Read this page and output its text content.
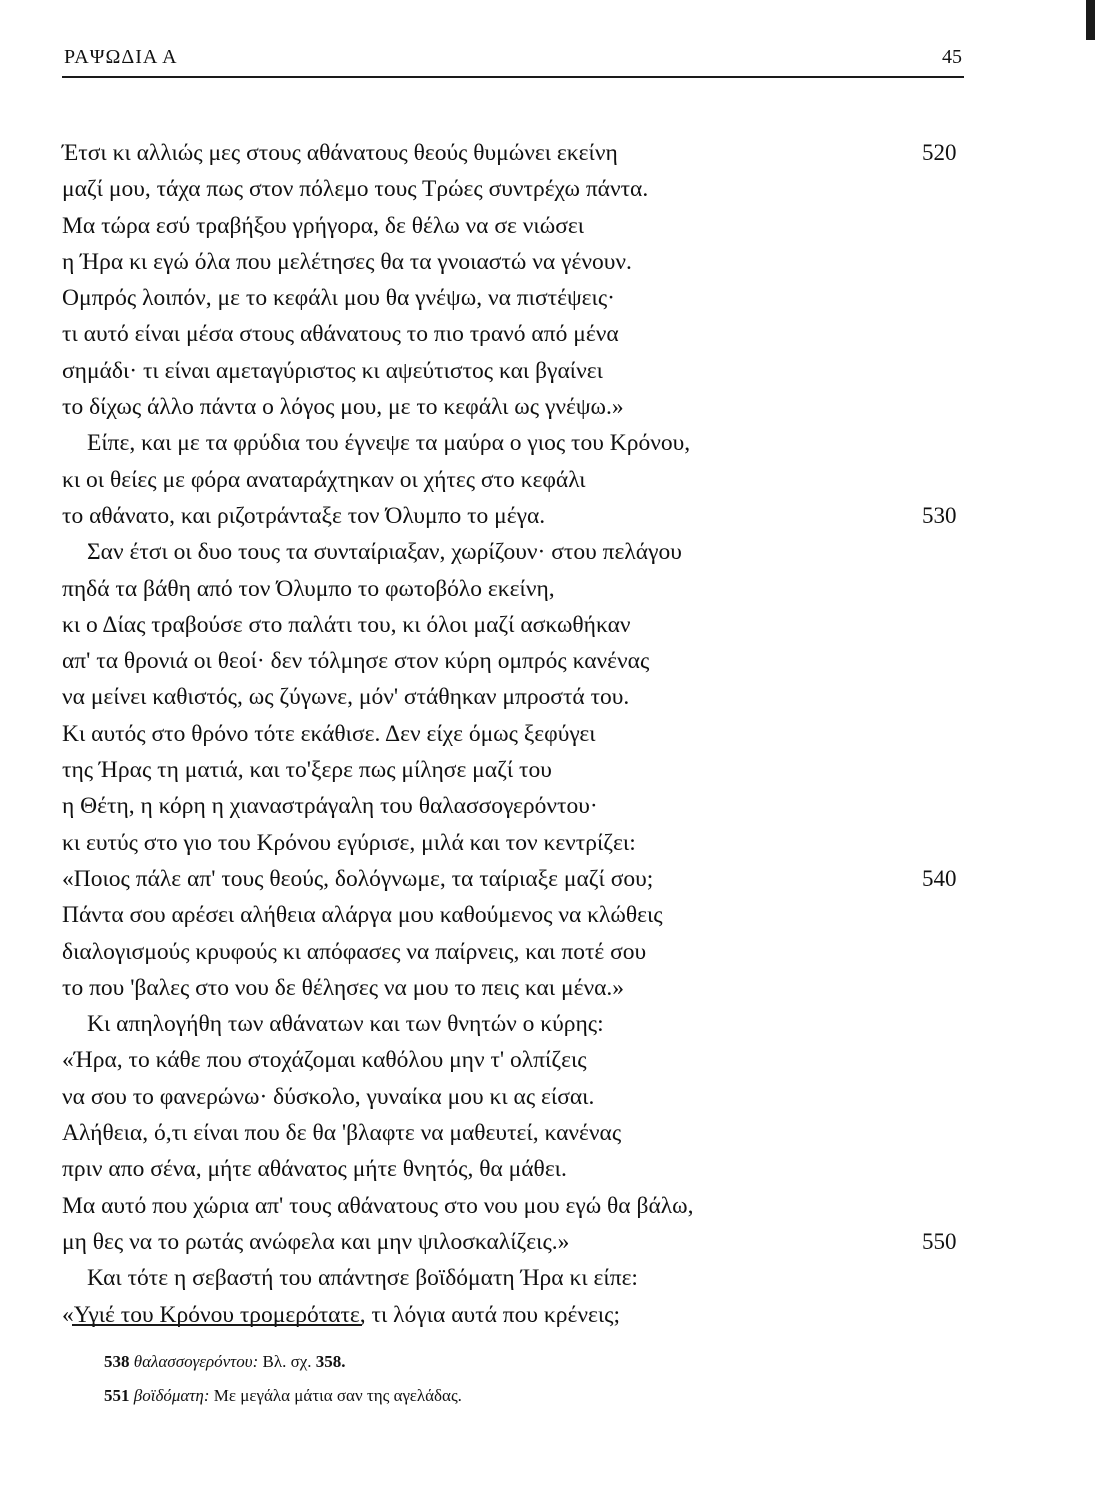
ΡΑΨΩΔΙΑ Α	45
Έτσι κι αλλιώς μες στους αθάνατους θεούς θυμώνει εκείνη	520
μαζί μου, τάχα πως στον πόλεμο τους Τρώες συντρέχω πάντα.
Μα τώρα εσύ τραβήξου γρήγορα, δε θέλω να σε νιώσει
η Ήρα κι εγώ όλα που μελέτησες θα τα γνοιαστώ να γένουν.
Ομπρός λοιπόν, με το κεφάλι μου θα γνέψω, να πιστέψεις·
τι αυτό είναι μέσα στους αθάνατους το πιο τρανό από μένα
σημάδι· τι είναι αμεταγύριστος κι αψεύτιστος και βγαίνει
το δίχως άλλο πάντα ο λόγος μου, με το κεφάλι ως γνέψω.»
Είπε, και με τα φρύδια του έγνεψε τα μαύρα ο γιος του Κρόνου,
κι οι θείες με φόρα αναταράχτηκαν οι χήτες στο κεφάλι
το αθάνατο, και ριζοτράνταξε τον Όλυμπο το μέγα.	530
Σαν έτσι οι δυο τους τα συνταίριαξαν, χωρίζουν· στου πελάγου
πηδά τα βάθη από τον Όλυμπο το φωτοβόλο εκείνη,
κι ο Δίας τραβούσε στο παλάτι του, κι όλοι μαζί ασκωθήκαν
απ' τα θρονιά οι θεοί· δεν τόλμησε στον κύρη ομπρός κανένας
να μείνει καθιστός, ως ζύγωνε, μόν' στάθηκαν μπροστά του.
Κι αυτός στο θρόνο τότε εκάθισε. Δεν είχε όμως ξεφύγει
της Ήρας τη ματιά, και το'ξερε πως μίλησε μαζί του
η Θέτη, η κόρη η χιαναστράγαλη του θαλασσογερόντου·
κι ευτύς στο γιο του Κρόνου εγύρισε, μιλά και τον κεντρίζει:
«Ποιος πάλε απ' τους θεούς, δολόγνωμε, τα ταίριαξε μαζί σου;	540
Πάντα σου αρέσει αλήθεια αλάργα μου καθούμενος να κλώθεις
διαλογισμούς κρυφούς κι απόφασες να παίρνεις, και ποτέ σου
το που 'βαλες στο νου δε θέλησες να μου το πεις και μένα.»
Κι απηλογήθη των αθάνατων και των θνητών ο κύρης:
«Ήρα, το κάθε που στοχάζομαι καθόλου μην τ' ολπίζεις
να σου το φανερώνω· δύσκολο, γυναίκα μου κι ας είσαι.
Αλήθεια, ό,τι είναι που δε θα 'βλαφτε να μαθευτεί, κανένας
πριν απο σένα, μήτε αθάνατος μήτε θνητός, θα μάθει.
Μα αυτό που χώρια απ' τους αθάνατους στο νου μου εγώ θα βάλω,
μη θες να το ρωτάς ανώφελα και μην ψιλοσκαλίζεις.»	550
Και τότε η σεβαστή του απάντησε βοϊδόματη Ήρα κι είπε:
«Υγιέ του Κρόνου τρομερότατε, τι λόγια αυτά που κρένεις;
538 θαλασσογερόντου: Βλ. σχ. 358.
551 βοϊδόματη: Με μεγάλα μάτια σαν της αγελάδας.
